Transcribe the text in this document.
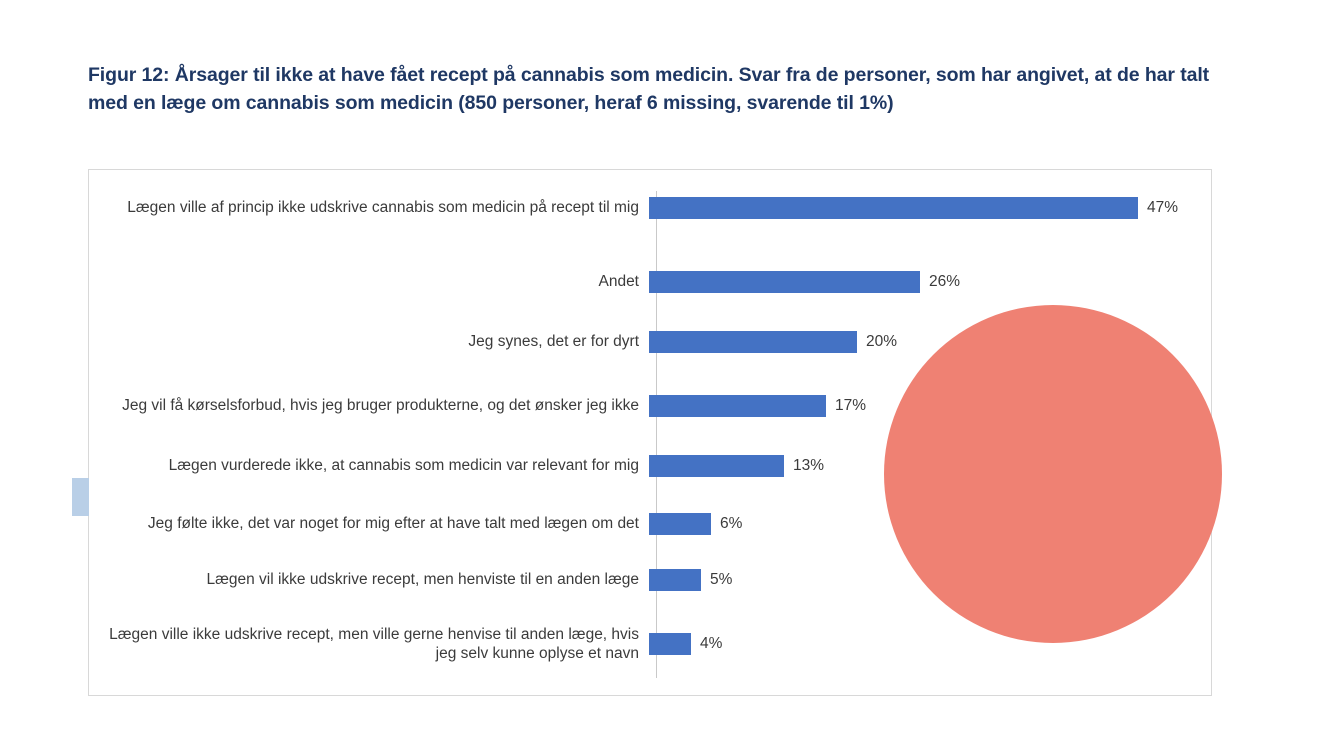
Figur 12: Årsager til ikke at have fået recept på cannabis som medicin. Svar fra de personer, som har angivet, at de har talt med en læge om cannabis som medicin (850 personer, heraf 6 missing, svarende til 1%)
Lægen ville af princip ikke udskrive cannabis som medicin på recept til mig	47%
Andet	26%
Jeg synes, det er for dyrt	20%
Jeg vil få kørselsforbud, hvis jeg bruger produkterne, og det ønsker jeg ikke	17%
Lægen vurderede ikke, at cannabis som medicin var relevant for mig	13%
Jeg følte ikke, det var noget for mig efter at have talt med lægen om det	6%
Lægen vil ikke udskrive recept, men henviste til en anden læge	5%
Lægen ville ikke udskrive recept, men ville gerne henvise til anden læge, hvis jeg selv kunne oplyse et navn
4%
